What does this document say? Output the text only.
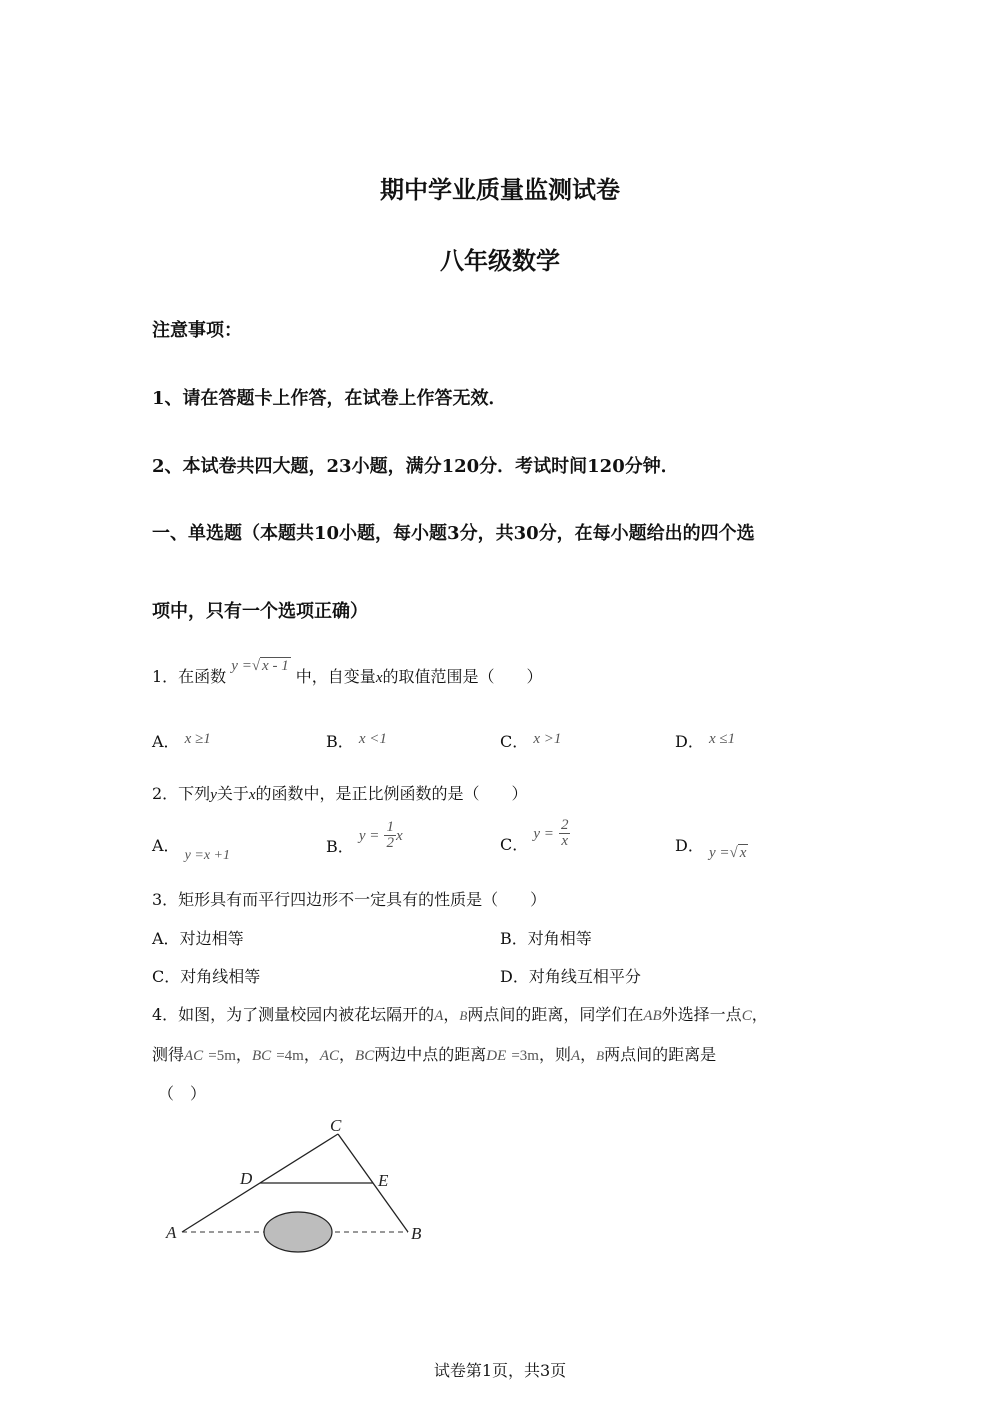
期中学业质量监测试卷
八年级数学
注意事项：
1、请在答题卡上作答，在试卷上作答无效．
2、本试卷共四大题，23小题，满分120分．考试时间120分钟．
一、单选题（本题共10小题，每小题3分，共30分，在每小题给出的四个选
项中，只有一个选项正确）
1．在函数 y =√ x - 1 中，自变量x的取值范围是（　　）
A． x ≥1	B． x <1	C． x >1	D． x ≤1
2．下列y关于x的函数中，是正比例函数的是（　　）
A． y =x +1	B． $y = \frac{1}{2}$ x	C． $y = \frac{2}{x}$	D． y =√ x
3．矩形具有而平行四边形不一定具有的性质是（　　）
A．对边相等	B．对角相等
C．对角线相等	D．对角线互相平分
4．如图，为了测量校园内被花坛隔开的A，B两点间的距离，同学们在AB外选择一点C，
测得AC =5m，BC =4m，AC，BC两边中点的距离DE =3m，则A，B两点间的距离是
（　）
C
D	E
A	B
试卷第1页，共3页
